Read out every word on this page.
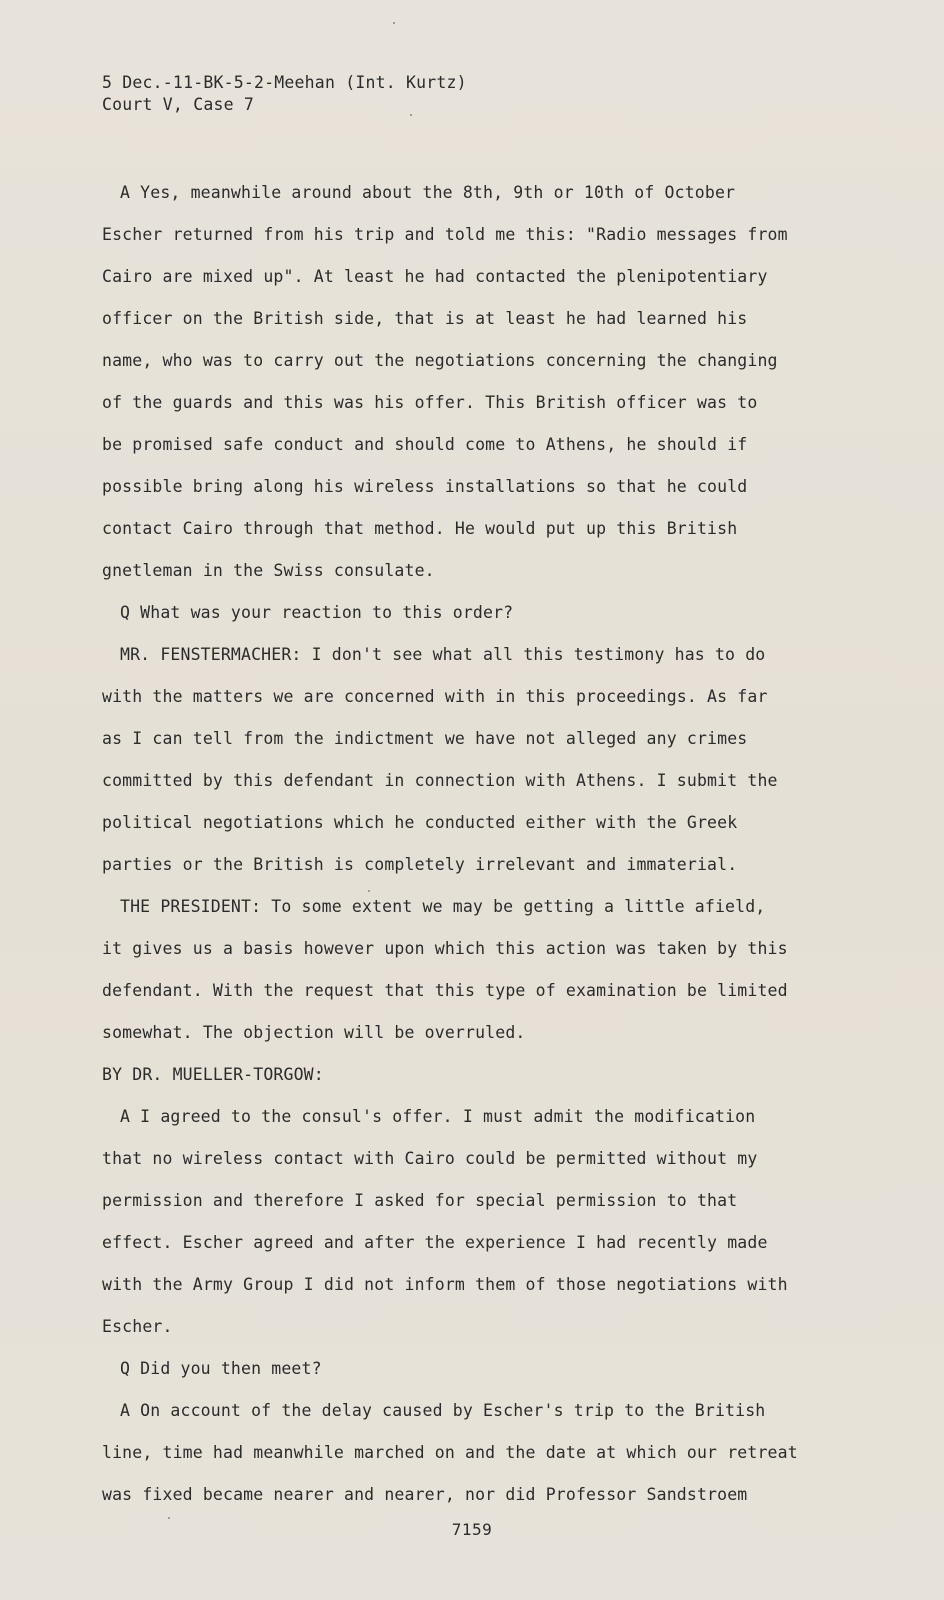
5 Dec.-11-BK-5-2-Meehan (Int. Kurtz)
Court V, Case 7
A Yes, meanwhile around about the 8th, 9th or 10th of October
Escher returned from his trip and told me this: "Radio messages from
Cairo are mixed up". At least he had contacted the plenipotentiary
officer on the British side, that is at least he had learned his
name, who was to carry out the negotiations concerning the changing
of the guards and this was his offer. This British officer was to
be promised safe conduct and should come to Athens, he should if
possible bring along his wireless installations so that he could
contact Cairo through that method. He would put up this British
gnetleman in the Swiss consulate.
Q What was your reaction to this order?
MR. FENSTERMACHER: I don't see what all this testimony has to do
with the matters we are concerned with in this proceedings. As far
as I can tell from the indictment we have not alleged any crimes
committed by this defendant in connection with Athens. I submit the
political negotiations which he conducted either with the Greek
parties or the British is completely irrelevant and immaterial.
THE PRESIDENT: To some extent we may be getting a little afield,
it gives us a basis however upon which this action was taken by this
defendant. With the request that this type of examination be limited
somewhat. The objection will be overruled.
BY DR. MUELLER-TORGOW:
A I agreed to the consul's offer. I must admit the modification
that no wireless contact with Cairo could be permitted without my
permission and therefore I asked for special permission to that
effect. Escher agreed and after the experience I had recently made
with the Army Group I did not inform them of those negotiations with
Escher.
Q Did you then meet?
A On account of the delay caused by Escher's trip to the British
line, time had meanwhile marched on and the date at which our retreat
was fixed became nearer and nearer, nor did Professor Sandstroem
7159
